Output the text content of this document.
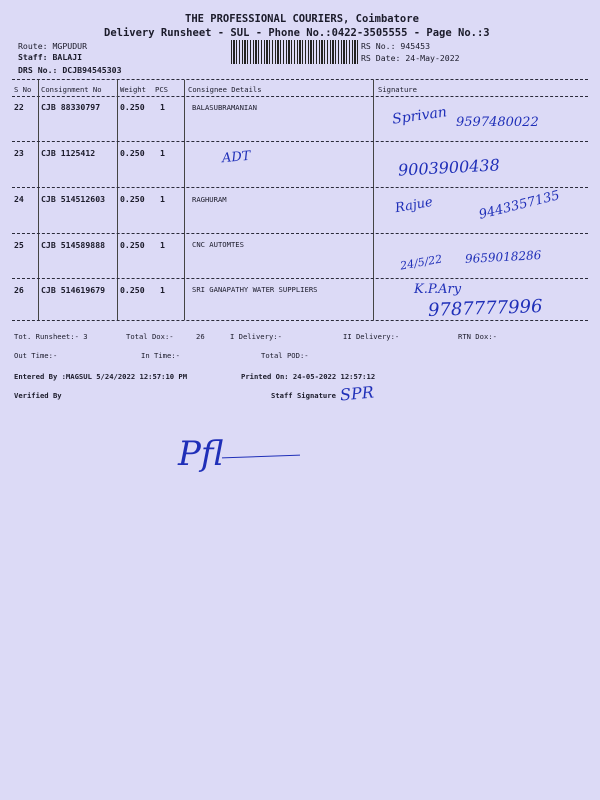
THE PROFESSIONAL COURIERS, Coimbatore
Delivery Runsheet - SUL - Phone No.:0422-3505555 - Page No.:3
Route: MGPUDUR
Staff: BALAJI
DRS No.: DCJB94545303
RS No.: 945453
RS Date: 24-May-2022
S No Consignment No	Weight PCS	Consignee Details	Signature
22 CJB 88330797 0.250 1	BALASUBRAMANIAN	Sprivan 9597480022
23 CJB 1125412	0.250 1	ADT	9003900438
24 CJB 514512603 0.250 1	RAGHURAM	Rajue	9443357135
25 CJB 514589888 0.250 1	CNC AUTOMTES
24/5/22 9659018286
26 CJB 514619679 0.250 1	SRI GANAPATHY WATER SUPPLIERS	K.P.Ary
9787777996
Tot. Runsheet:- 3	Total Dox:-	26	I Delivery:-	II Delivery:-	RTN Dox:-
Out Time:-	In Time:-	Total POD:-
Entered By :MAGSUL 5/24/2022 12:57:10 PM	Printed On: 24-05-2022 12:57:12
Verified By	Staff Signature SPR
Pfl
